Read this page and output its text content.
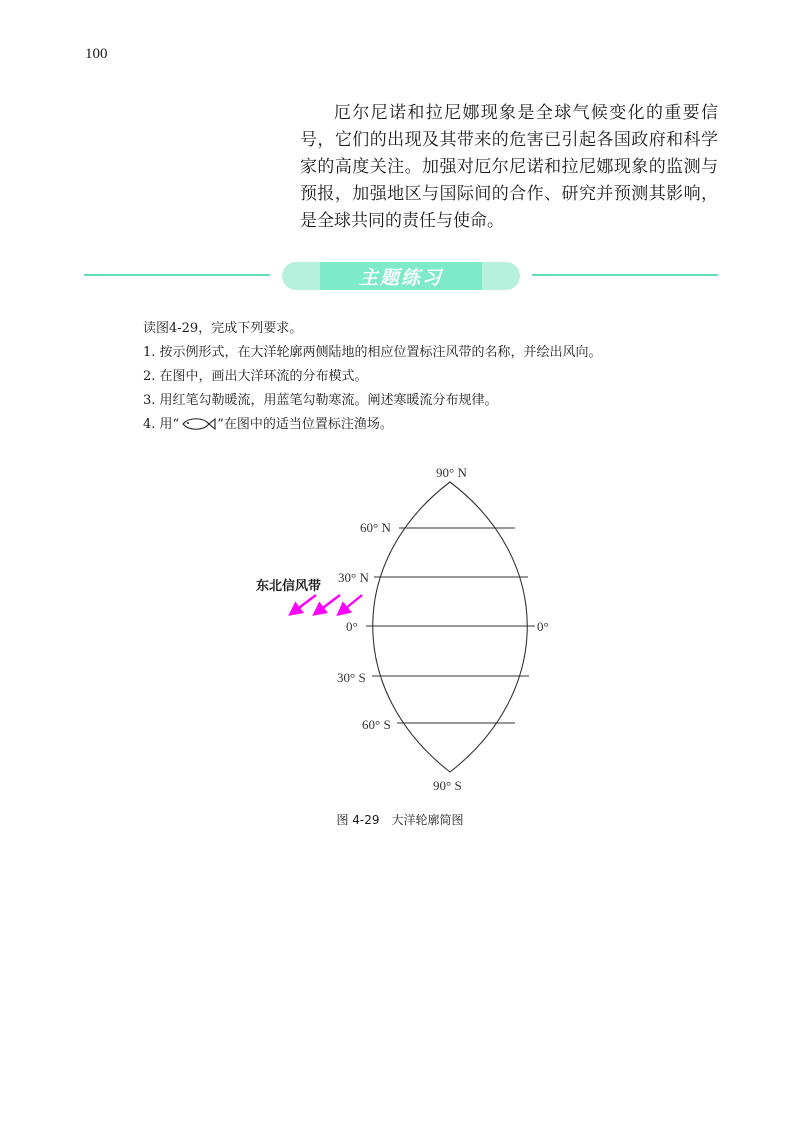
100

厄尔尼诺和拉尼娜现象是全球气候变化的重要信号，它们的出现及其带来的危害已引起各国政府和科学家的高度关注。加强对厄尔尼诺和拉尼娜现象的监测与预报，加强地区与国际间的合作、研究并预测其影响，是全球共同的责任与使命。

主题练习
读图4-29，完成下列要求。
1. 按示例形式，在大洋轮廓两侧陆地的相应位置标注风带的名称，并绘出风向。
2. 在图中，画出大洋环流的分布模式。
3. 用红笔勾勒暖流，用蓝笔勾勒寒流。阐述寒暖流分布规律。
4. 用“	”在图中的适当位置标注渔场。
90° N
60° N
30° N
0°	0°
30° S
60° S
90° S
东北信风带
图 4-29 大洋轮廓简图
